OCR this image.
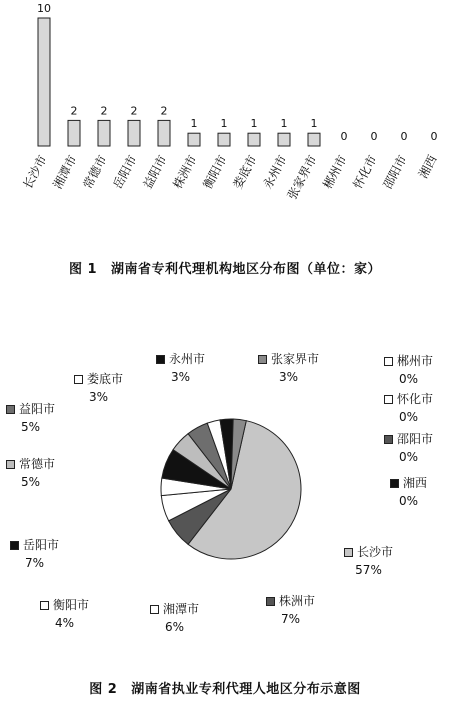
10
长沙市
2
湘潭市
2
常德市
2
岳阳市
2
益阳市
1
株洲市
1
衡阳市
1
娄底市
1
永州市
1
张家界市
0
郴州市
0
怀化市
0
邵阳市
0
湘西
图 1 湖南省专利代理机构地区分布图（单位：家）
长沙市
57%
株洲市
7%
湘潭市
6%
衡阳市
4%
岳阳市
7%
常德市
5%
益阳市
5%
娄底市
3%
永州市
3%
张家界市
3%
郴州市
0%
怀化市
0%
邵阳市
0%
湘西
0%
图 2 湖南省执业专利代理人地区分布示意图
